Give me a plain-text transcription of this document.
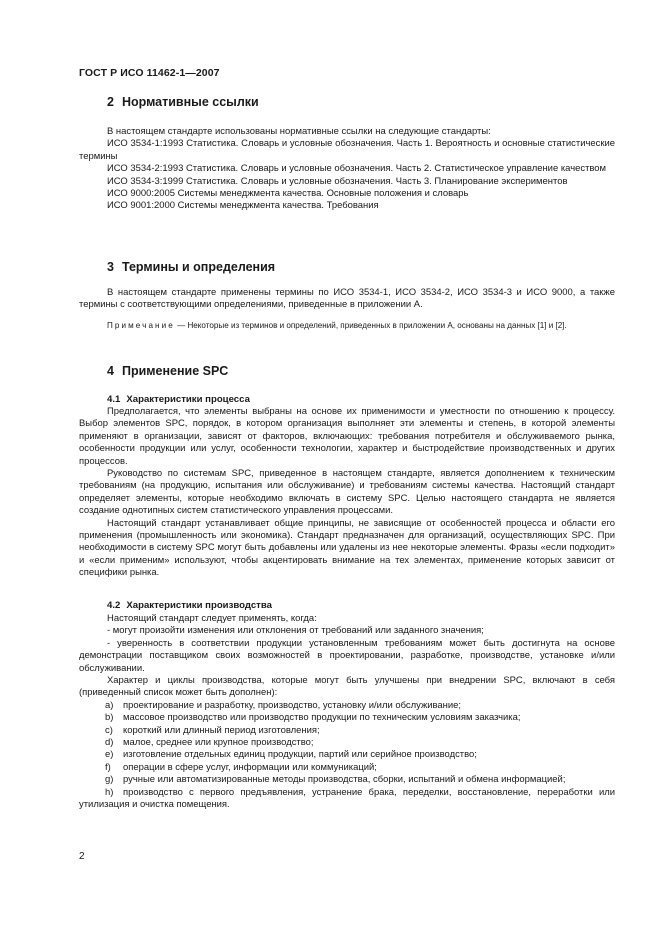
ГОСТ Р ИСО 11462-1—2007
2 Нормативные ссылки

В настоящем стандарте использованы нормативные ссылки на следующие стандарты:

ИСО 3534-1:1993 Статистика. Словарь и условные обозначения. Часть 1. Вероятность и основные статистические термины

ИСО 3534-2:1993 Статистика. Словарь и условные обозначения. Часть 2. Статистическое управление качеством

ИСО 3534-3:1999 Статистика. Словарь и условные обозначения. Часть 3. Планирование экспериментов

ИСО 9000:2005 Системы менеджмента качества. Основные положения и словарь

ИСО 9001:2000 Системы менеджмента качества. Требования

3 Термины и определения

В настоящем стандарте применены термины по ИСО 3534-1, ИСО 3534-2, ИСО 3534-3 и ИСО 9000, а также термины с соответствующими определениями, приведенные в приложении А.

Примечание — Некоторые из терминов и определений, приведенных в приложении А, основаны на данных [1] и [2].

4 Применение SPC
4.1 Характеристики процесса

Предполагается, что элементы выбраны на основе их применимости и уместности по отношению к процессу. Выбор элементов SPC, порядок, в котором организация выполняет эти элементы и степень, в которой элементы применяют в организации, зависят от факторов, включающих: требования потребителя и обслуживаемого рынка, особенности продукции или услуг, особенности технологии, характер и быстродействие производственных и других процессов.

Руководство по системам SPC, приведенное в настоящем стандарте, является дополнением к техническим требованиям (на продукцию, испытания или обслуживание) и требованиям системы качества. Настоящий стандарт определяет элементы, которые необходимо включать в систему SPC. Целью настоящего стандарта не является создание однотипных систем статистического управления процессами.

Настоящий стандарт устанавливает общие принципы, не зависящие от особенностей процесса и области его применения (промышленность или экономика). Стандарт предназначен для организаций, осуществляющих SPC. При необходимости в систему SPC могут быть добавлены или удалены из нее некоторые элементы. Фразы «если подходит» и «если применим» используют, чтобы акцентировать внимание на тех элементах, применение которых зависит от специфики рынка.

4.2 Характеристики производства

Настоящий стандарт следует применять, когда:

- могут произойти изменения или отклонения от требований или заданного значения;

- уверенность в соответствии продукции установленным требованиям может быть достигнута на основе демонстрации поставщиком своих возможностей в проектировании, разработке, производстве, установке и/или обслуживании.

Характер и циклы производства, которые могут быть улучшены при внедрении SPC, включают в себя (приведенный список может быть дополнен):

a) проектирование и разработку, производство, установку и/или обслуживание;

b) массовое производство или производство продукции по техническим условиям заказчика;

c) короткий или длинный период изготовления;

d) малое, среднее или крупное производство;

e) изготовление отдельных единиц продукции, партий или серийное производство;

f) операции в сфере услуг, информации или коммуникаций;

g) ручные или автоматизированные методы производства, сборки, испытаний и обмена информацией;

h) производство с первого предъявления, устранение брака, переделки, восстановление, переработки или утилизация и очистка помещения.

2
